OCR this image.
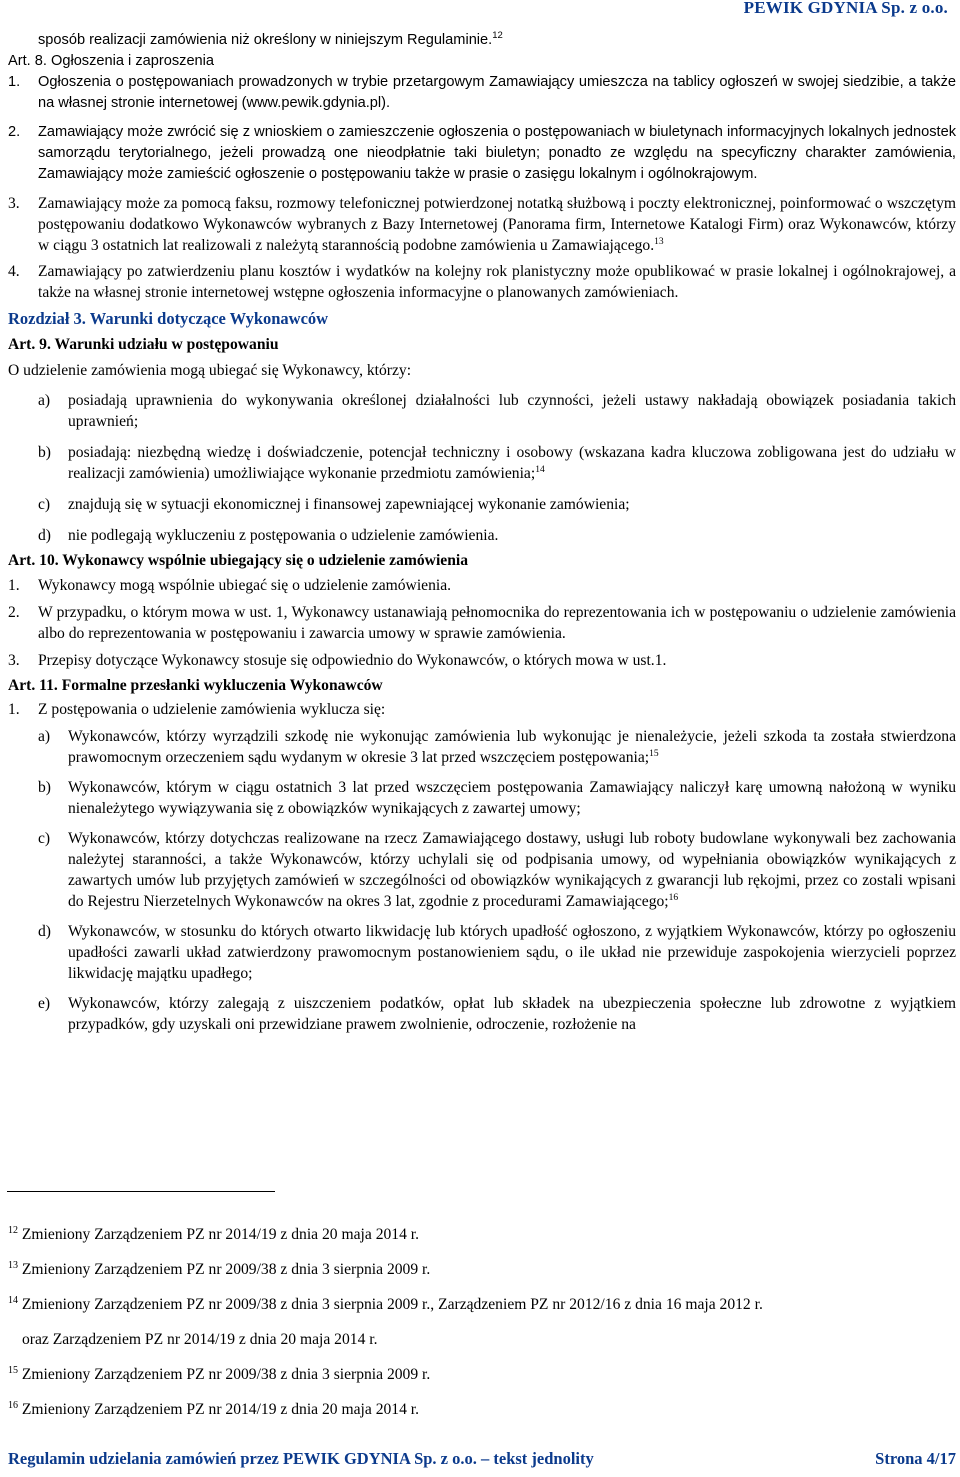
PEWIK GDYNIA Sp. z o.o.
sposób realizacji zamówienia niż określony w niniejszym Regulaminie.$^{12}$
Art. 8. Ogłoszenia i zaproszenia
1.	Ogłoszenia o postępowaniach prowadzonych w trybie przetargowym Zamawiający umieszcza na tablicy ogłoszeń w swojej siedzibie, a także na własnej stronie internetowej (www.pewik.gdynia.pl).
2.	Zamawiający może zwrócić się z wnioskiem o zamieszczenie ogłoszenia o postępowaniach w biuletynach informacyjnych lokalnych jednostek samorządu terytorialnego, jeżeli prowadzą one nieodpłatnie taki biuletyn; ponadto ze względu na specyficzny charakter zamówienia, Zamawiający może zamieścić ogłoszenie o postępowaniu także w prasie o zasięgu lokalnym i ogólnokrajowym.
3.	Zamawiający może za pomocą faksu, rozmowy telefonicznej potwierdzonej notatką służbową i poczty elektronicznej, poinformować o wszczętym postępowaniu dodatkowo Wykonawców wybranych z Bazy Internetowej (Panorama firm, Internetowe Katalogi Firm) oraz Wykonawców, którzy w ciągu 3 ostatnich lat realizowali z należytą starannością podobne zamówienia u Zamawiającego.$^{13}$
4.	Zamawiający po zatwierdzeniu planu kosztów i wydatków na kolejny rok planistyczny może opublikować w prasie lokalnej i ogólnokrajowej, a także na własnej stronie internetowej wstępne ogłoszenia informacyjne o planowanych zamówieniach.
Rozdział 3. Warunki dotyczące Wykonawców
Art. 9. Warunki udziału w postępowaniu
O udzielenie zamówienia mogą ubiegać się Wykonawcy, którzy:
a)	posiadają uprawnienia do wykonywania określonej działalności lub czynności, jeżeli ustawy nakładają obowiązek posiadania takich uprawnień;
b)	posiadają: niezbędną wiedzę i doświadczenie, potencjał techniczny i osobowy (wskazana kadra kluczowa zobligowana jest do udziału w realizacji zamówienia) umożliwiające wykonanie przedmiotu zamówienia;$^{14}$
c)	znajdują się w sytuacji ekonomicznej i finansowej zapewniającej wykonanie zamówienia;
d)	nie podlegają wykluczeniu z postępowania o udzielenie zamówienia.
Art. 10. Wykonawcy wspólnie ubiegający się o udzielenie zamówienia
1.	Wykonawcy mogą wspólnie ubiegać się o udzielenie zamówienia.
2.	W przypadku, o którym mowa w ust. 1, Wykonawcy ustanawiają pełnomocnika do reprezentowania ich w postępowaniu o udzielenie zamówienia albo do reprezentowania w postępowaniu i zawarcia umowy w sprawie zamówienia.
3.	Przepisy dotyczące Wykonawcy stosuje się odpowiednio do Wykonawców, o których mowa w ust.1.
Art. 11. Formalne przesłanki wykluczenia Wykonawców
1.	Z postępowania o udzielenie zamówienia wyklucza się:
a)	Wykonawców, którzy wyrządzili szkodę nie wykonując zamówienia lub wykonując je nienależycie, jeżeli szkoda ta została stwierdzona prawomocnym orzeczeniem sądu wydanym w okresie 3 lat przed wszczęciem postępowania;$^{15}$
b)	Wykonawców, którym w ciągu ostatnich 3 lat przed wszczęciem postępowania Zamawiający naliczył karę umowną nałożoną w wyniku nienależytego wywiązywania się z obowiązków wynikających z zawartej umowy;
c)	Wykonawców, którzy dotychczas realizowane na rzecz Zamawiającego dostawy, usługi lub roboty budowlane wykonywali bez zachowania należytej staranności, a także Wykonawców, którzy uchylali się od podpisania umowy, od wypełniania obowiązków wynikających z zawartych umów lub przyjętych zamówień w szczególności od obowiązków wynikających z gwarancji lub rękojmi, przez co zostali wpisani do Rejestru Nierzetelnych Wykonawców na okres 3 lat, zgodnie z procedurami Zamawiającego;$^{16}$
d)	Wykonawców, w stosunku do których otwarto likwidację lub których upadłość ogłoszono, z wyjątkiem Wykonawców, którzy po ogłoszeniu upadłości zawarli układ zatwierdzony prawomocnym postanowieniem sądu, o ile układ nie przewiduje zaspokojenia wierzycieli poprzez likwidację majątku upadłego;
e)	Wykonawców, którzy zalegają z uiszczeniem podatków, opłat lub składek na ubezpieczenia społeczne lub zdrowotne z wyjątkiem przypadków, gdy uzyskali oni przewidziane prawem zwolnienie, odroczenie, rozłożenie na
$^{12}$ Zmieniony Zarządzeniem PZ nr 2014/19 z dnia 20 maja 2014 r.
$^{13}$ Zmieniony Zarządzeniem PZ nr 2009/38 z dnia 3 sierpnia 2009 r.
$^{14}$ Zmieniony Zarządzeniem PZ nr 2009/38 z dnia 3 sierpnia 2009 r., Zarządzeniem PZ nr 2012/16 z dnia 16 maja 2012 r.
oraz Zarządzeniem PZ nr 2014/19 z dnia 20 maja 2014 r.
$^{15}$ Zmieniony Zarządzeniem PZ nr 2009/38 z dnia 3 sierpnia 2009 r.
$^{16}$ Zmieniony Zarządzeniem PZ nr 2014/19 z dnia 20 maja 2014 r.
Regulamin udzielania zamówień przez PEWIK GDYNIA Sp. z o.o. – tekst jednolity	Strona 4/17
